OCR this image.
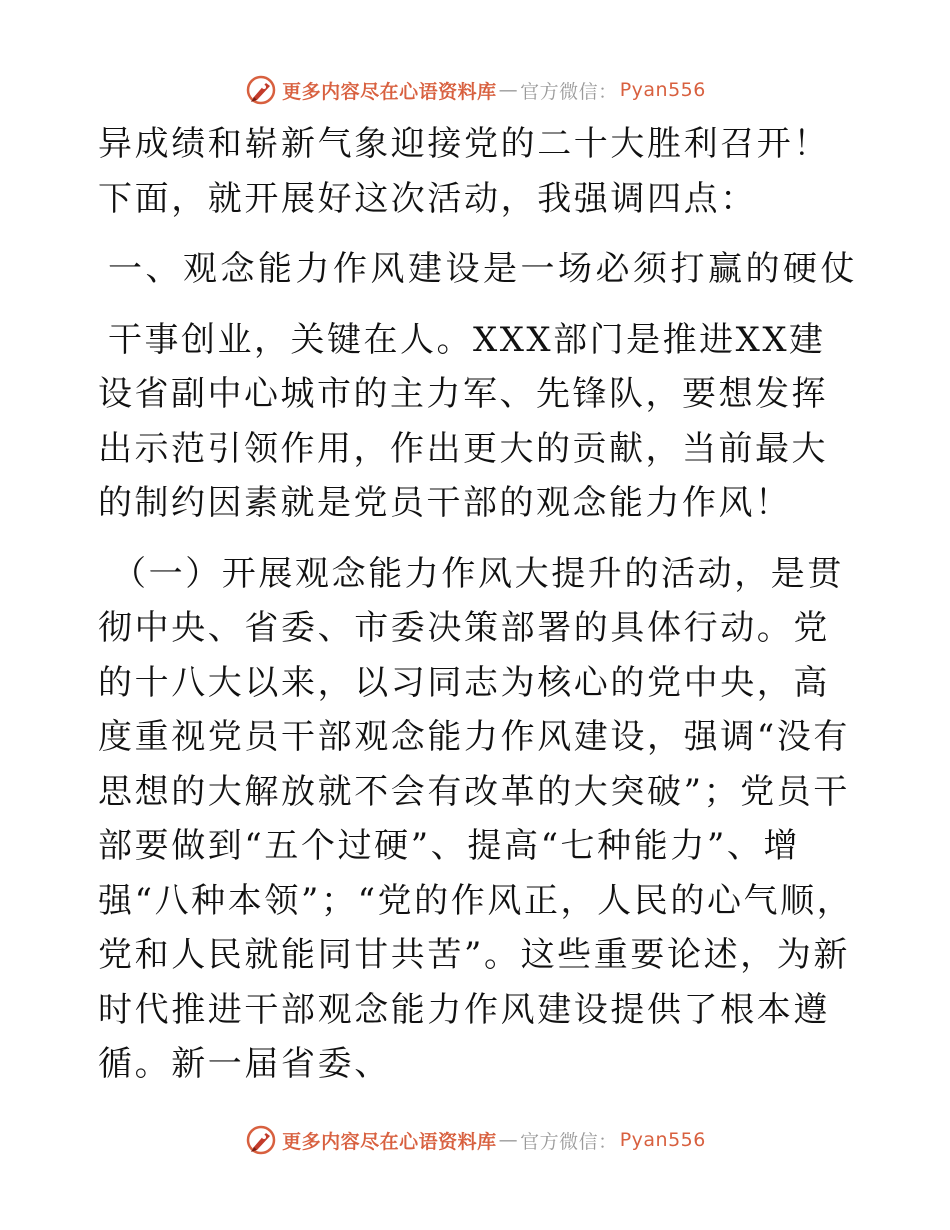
更多内容尽在心语资料库 — 官方微信： Pyan556

异成绩和崭新气象迎接党的二十大胜利召开！下面，就开展好这次活动，我强调四点：

一、观念能力作风建设是一场必须打赢的硬仗

干事创业，关键在人。XXX部门是推进XX建设省副中心城市的主力军、先锋队，要想发挥出示范引领作用，作出更大的贡献，当前最大的制约因素就是党员干部的观念能力作风！

（一）开展观念能力作风大提升的活动，是贯彻中央、省委、市委决策部署的具体行动。党的十八大以来，以习同志为核心的党中央，高度重视党员干部观念能力作风建设，强调“没有思想的大解放就不会有改革的大突破”；党员干部要做到“五个过硬”、提高“七种能力”、增强“八种本领”；“党的作风正，人民的心气顺，党和人民就能同甘共苦”。这些重要论述，为新时代推进干部观念能力作风建设提供了根本遵循。新一届省委、

更多内容尽在心语资料库 — 官方微信： Pyan556
